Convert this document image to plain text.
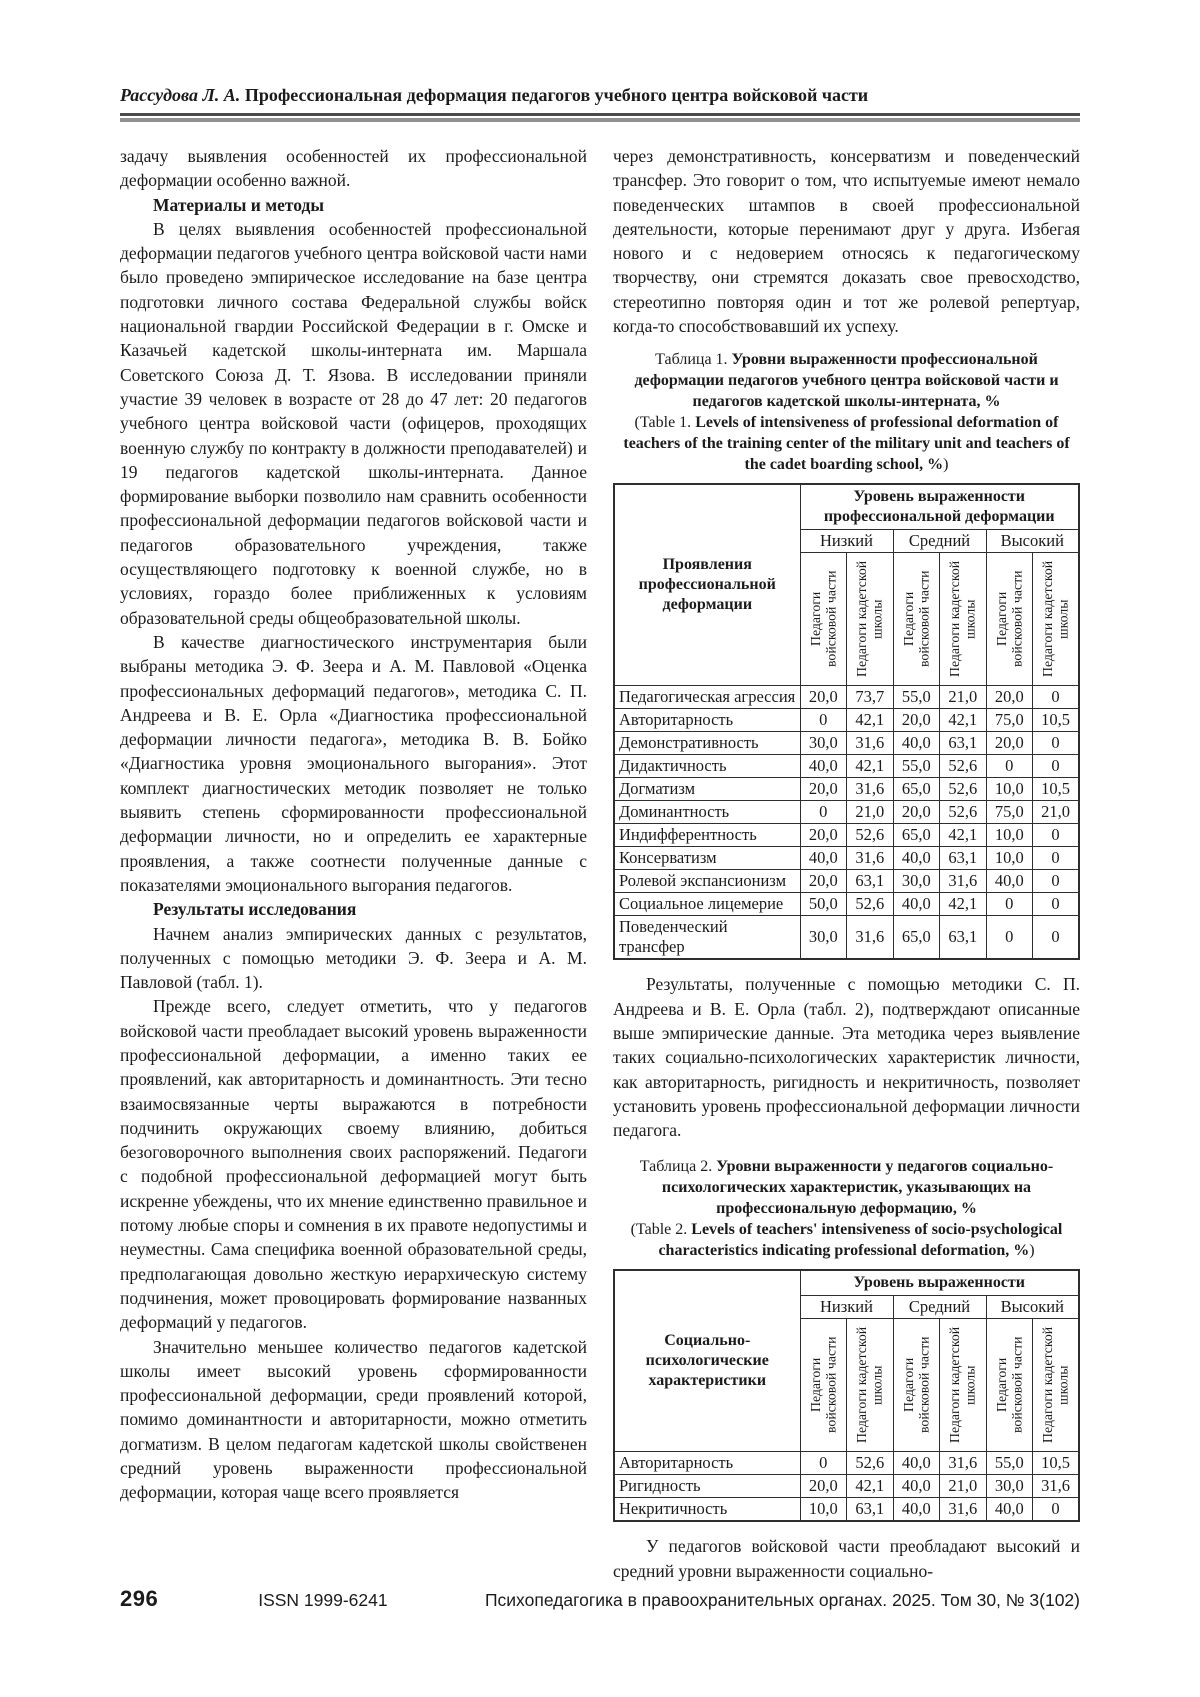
Рассудова Л. А. Профессиональная деформация педагогов учебного центра войсковой части

задачу выявления особенностей их профессиональной деформации особенно важной.

Материалы и методы

В целях выявления особенностей профессиональной деформации педагогов учебного центра войсковой части нами было проведено эмпирическое исследование на базе центра подготовки личного состава Федеральной службы войск национальной гвардии Российской Федерации в г. Омске и Казачьей кадетской школы-интерната им. Маршала Советского Союза Д. Т. Язова. В исследовании приняли участие 39 человек в возрасте от 28 до 47 лет: 20 педагогов учебного центра войсковой части (офицеров, проходящих военную службу по контракту в должности преподавателей) и 19 педагогов кадетской школы-интерната. Данное формирование выборки позволило нам сравнить особенности профессиональной деформации педагогов войсковой части и педагогов образовательного учреждения, также осуществляющего подготовку к военной службе, но в условиях, гораздо более приближенных к условиям образовательной среды общеобразовательной школы.

В качестве диагностического инструментария были выбраны методика Э. Ф. Зеера и А. М. Павловой «Оценка профессиональных деформаций педагогов», методика С. П. Андреева и В. Е. Орла «Диагностика профессиональной деформации личности педагога», методика В. В. Бойко «Диагностика уровня эмоционального выгорания». Этот комплект диагностических методик позволяет не только выявить степень сформированности профессиональной деформации личности, но и определить ее характерные проявления, а также соотнести полученные данные с показателями эмоционального выгорания педагогов.

Результаты исследования

Начнем анализ эмпирических данных с результатов, полученных с помощью методики Э. Ф. Зеера и А. М. Павловой (табл. 1).

Прежде всего, следует отметить, что у педагогов войсковой части преобладает высокий уровень выраженности профессиональной деформации, а именно таких ее проявлений, как авторитарность и доминантность. Эти тесно взаимосвязанные черты выражаются в потребности подчинить окружающих своему влиянию, добиться безоговорочного выполнения своих распоряжений. Педагоги с подобной профессиональной деформацией могут быть искренне убеждены, что их мнение единственно правильное и потому любые споры и сомнения в их правоте недопустимы и неуместны. Сама специфика военной образовательной среды, предполагающая довольно жесткую иерархическую систему подчинения, может провоцировать формирование названных деформаций у педагогов.

Значительно меньшее количество педагогов кадетской школы имеет высокий уровень сформированности профессиональной деформации, среди проявлений которой, помимо доминантности и авторитарности, можно отметить догматизм. В целом педагогам кадетской школы свойственен средний уровень выраженности профессиональной деформации, которая чаще всего проявляется

через демонстративность, консерватизм и поведенческий трансфер. Это говорит о том, что испытуемые имеют немало поведенческих штампов в своей профессиональной деятельности, которые перенимают друг у друга. Избегая нового и с недоверием относясь к педагогическому творчеству, они стремятся доказать свое превосходство, стереотипно повторяя один и тот же ролевой репертуар, когда-то способствовавший их успеху.

Таблица 1. Уровни выраженности профессиональной деформации педагогов учебного центра войсковой части и педагогов кадетской школы-интерната, %
(Table 1. Levels of intensiveness of professional deformation of teachers of the training center of the military unit and teachers of the cadet boarding school, %)
Проявления профессиональной деформации	Уровень выраженности профессиональной деформации					
	Низкий		Средний		Высокий	

	Педагоги войсковой части	Педагоги кадетской школы	Педагоги войсковой части	Педагоги кадетской школы	Педагоги войсковой части	Педагоги кадетской школы

Педагогическая агрессия	20,0	73,7	55,0	21,0	20,0	0
Авторитарность	0	42,1	20,0	42,1	75,0	10,5
Демонстративность	30,0	31,6	40,0	63,1	20,0	0
Дидактичность	40,0	42,1	55,0	52,6	0	0
Догматизм	20,0	31,6	65,0	52,6	10,0	10,5
Доминантность	0	21,0	20,0	52,6	75,0	21,0
Индифферентность	20,0	52,6	65,0	42,1	10,0	0
Консерватизм	40,0	31,6	40,0	63,1	10,0	0
Ролевой экспансионизм	20,0	63,1	30,0	31,6	40,0	0
Социальное лицемерие	50,0	52,6	40,0	42,1	0	0
Поведенческий трансфер	30,0	31,6	65,0	63,1	0	0

Результаты, полученные с помощью методики С. П. Андреева и В. Е. Орла (табл. 2), подтверждают описанные выше эмпирические данные. Эта методика через выявление таких социально-психологических характеристик личности, как авторитарность, ригидность и некритичность, позволяет установить уровень профессиональной деформации личности педагога.

Таблица 2. Уровни выраженности у педагогов социально-психологических характеристик, указывающих на профессиональную деформацию, %
(Table 2. Levels of teachers' intensiveness of socio-psychological characteristics indicating professional deformation, %)
Социально-психологические характеристики	Уровень выраженности					
	Низкий		Средний		Высокий	

	Педагоги войсковой части	Педагоги кадетской школы	Педагоги войсковой части	Педагоги кадетской школы	Педагоги войсковой части	Педагоги кадетской школы

Авторитарность	0	52,6	40,0	31,6	55,0	10,5
Ригидность	20,0	42,1	40,0	21,0	30,0	31,6
Некритичность	10,0	63,1	40,0	31,6	40,0	0

У педагогов войсковой части преобладают высокий и средний уровни выраженности социально-

296	ISSN 1999-6241	Психопедагогика в правоохранительных органах. 2025. Том 30, № 3(102)
